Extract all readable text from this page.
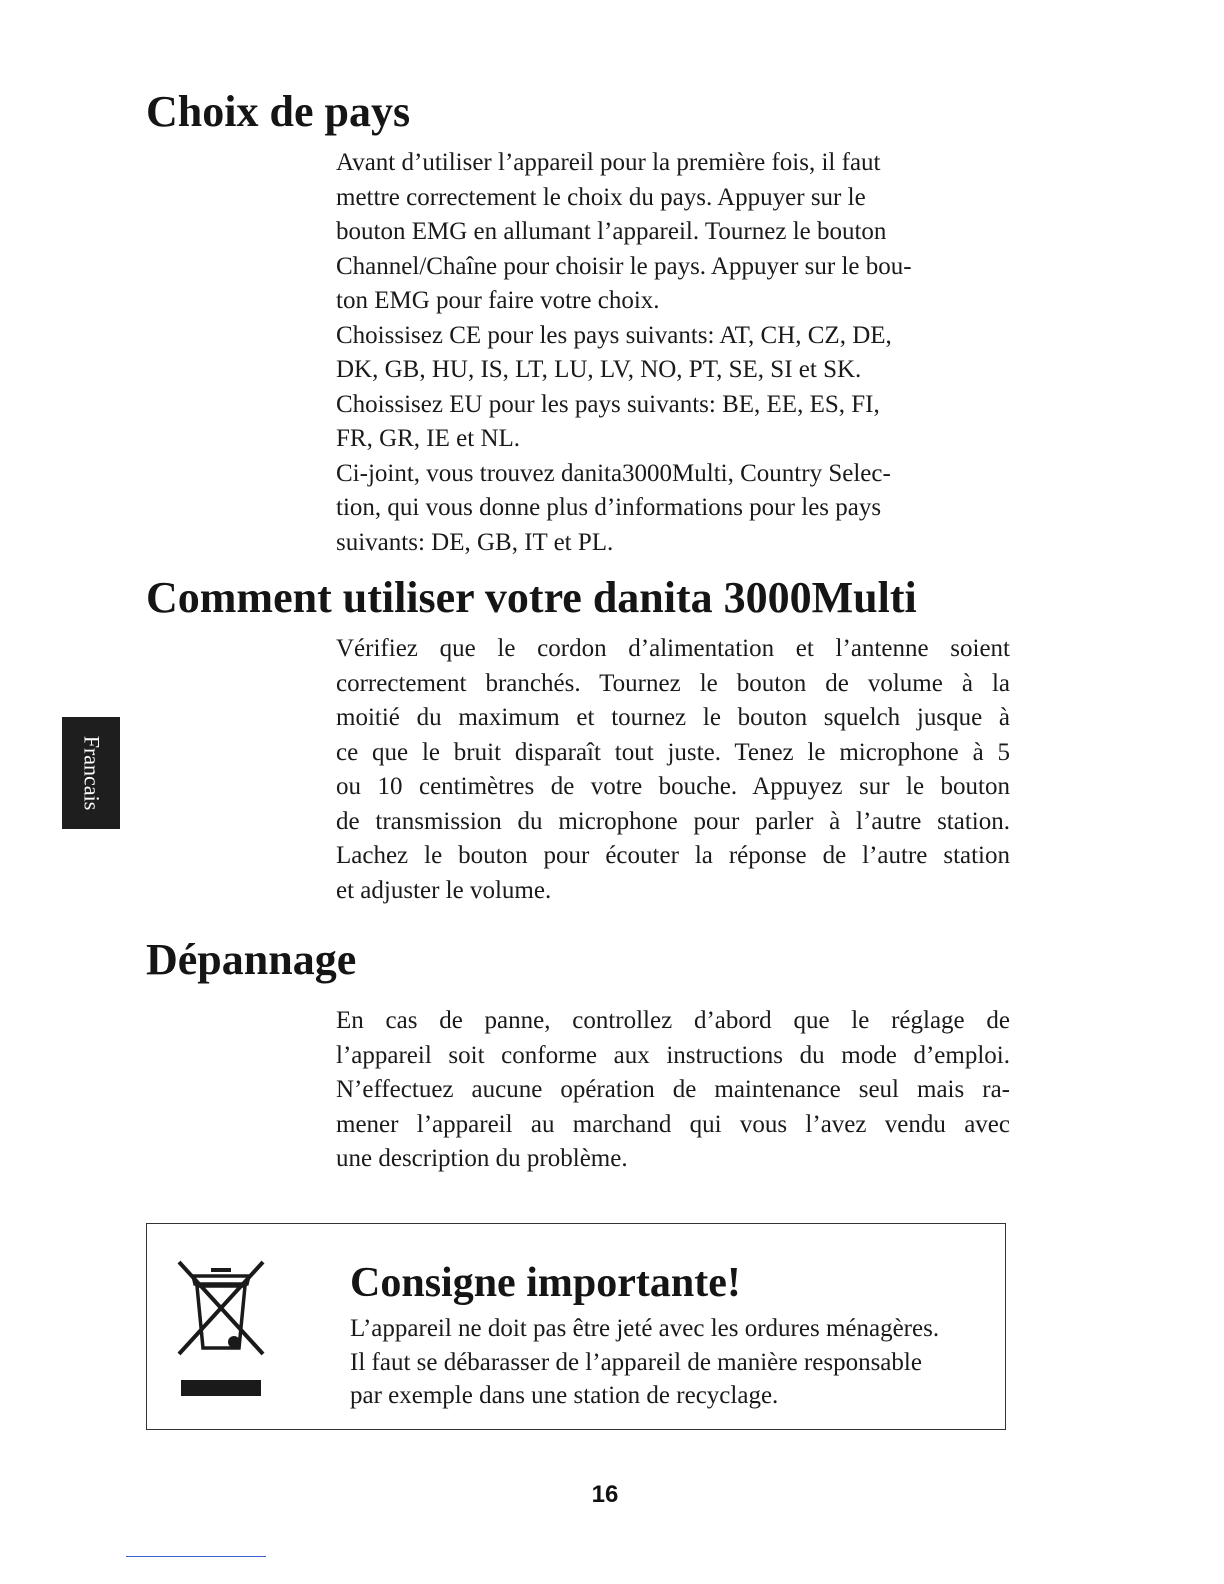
Choix de pays
Avant d’utiliser l’appareil pour la première fois, il faut
mettre correctement le choix du pays. Appuyer sur le
bouton EMG en allumant l’appareil. Tournez le bouton
Channel/Chaîne pour choisir le pays. Appuyer sur le bou-
ton EMG pour faire votre choix.
Choissisez CE pour les pays suivants: AT, CH, CZ, DE,
DK, GB, HU, IS, LT, LU, LV, NO, PT, SE, SI et SK.
Choissisez EU pour les pays suivants: BE, EE, ES, FI,
FR, GR, IE et NL.
Ci-joint, vous trouvez danita3000Multi, Country Selec-
tion, qui vous donne plus d’informations pour les pays
suivants: DE, GB, IT et PL.
Comment utiliser votre danita 3000Multi
Vérifiez que le cordon d’alimentation et l’antenne soient
correctement branchés. Tournez le bouton de volume à la
moitié du maximum et tournez le bouton squelch jusque à
ce que le bruit disparaît tout juste. Tenez le microphone à 5
ou 10 centimètres de votre bouche. Appuyez sur le bouton
de transmission du microphone pour parler à l’autre station.
Lachez le bouton pour écouter la réponse de l’autre station
et adjuster le volume.
Francais
Dépannage
En cas de panne, controllez d’abord que le réglage de
l’appareil soit conforme aux instructions du mode d’emploi.
N’effectuez aucune opération de maintenance seul mais ra-
mener l’appareil au marchand qui vous l’avez vendu avec
une description du problème.
Consigne importante!
L’appareil ne doit pas être jeté avec les ordures ménagères.
Il faut se débarasser de l’appareil de manière responsable
par exemple dans une station de recyclage.
16
